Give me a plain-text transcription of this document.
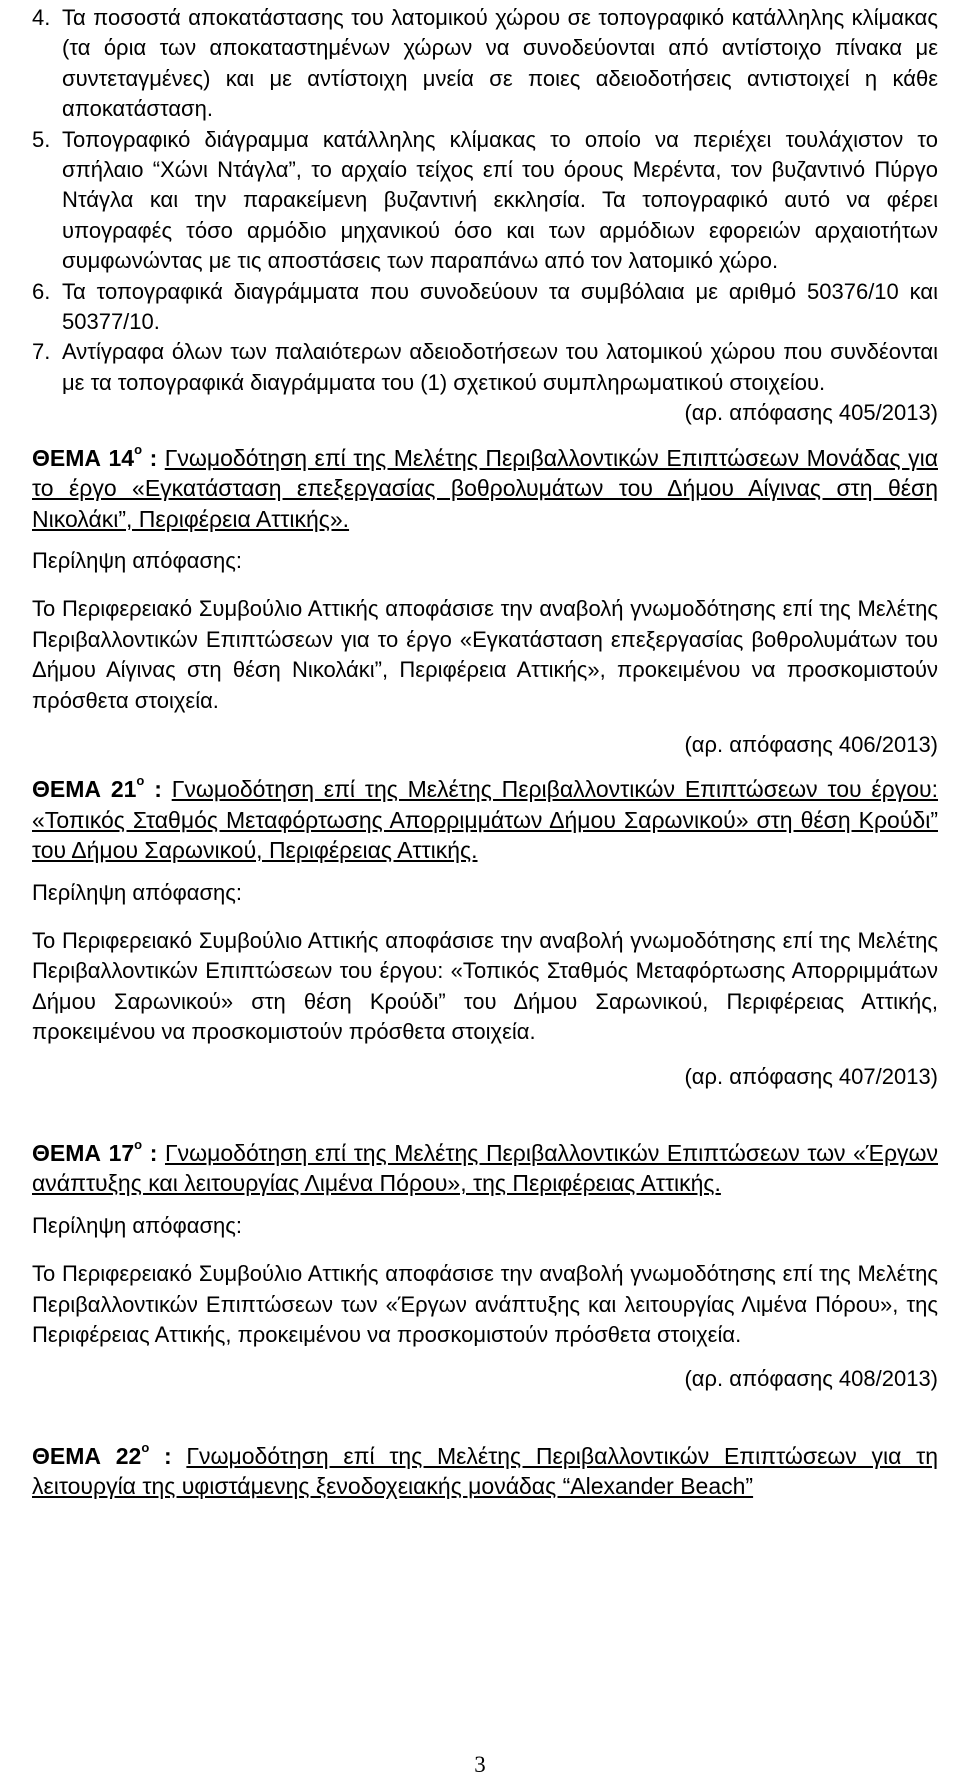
4. Τα ποσοστά αποκατάστασης του λατομικού χώρου σε τοπογραφικό κατάλληλης κλίμακας (τα όρια των αποκαταστημένων χώρων να συνοδεύονται από αντίστοιχο πίνακα με συντεταγμένες) και με αντίστοιχη μνεία σε ποιες αδειοδοτήσεις αντιστοιχεί η κάθε αποκατάσταση.
5. Τοπογραφικό διάγραμμα κατάλληλης κλίμακας το οποίο να περιέχει τουλάχιστον το σπήλαιο “Χώνι Ντάγλα”, το αρχαίο τείχος επί του όρους Μερέντα, τον βυζαντινό Πύργο Ντάγλα και την παρακείμενη βυζαντινή εκκλησία. Τα τοπογραφικό αυτό να φέρει υπογραφές τόσο αρμόδιο μηχανικού όσο και των αρμόδιων εφορειών αρχαιοτήτων συμφωνώντας με τις αποστάσεις των παραπάνω από τον λατομικό χώρο.
6. Τα τοπογραφικά διαγράμματα που συνοδεύουν τα συμβόλαια με αριθμό 50376/10 και 50377/10.
7. Αντίγραφα όλων των παλαιότερων αδειοδοτήσεων του λατομικού χώρου που συνδέονται με τα τοπογραφικά διαγράμματα του (1) σχετικού συμπληρωματικού στοιχείου.

(αρ. απόφασης 405/2013)

ΘΕΜΑ $14^o$ : Γνωμοδότηση επί της Μελέτης Περιβαλλοντικών Επιπτώσεων Μονάδας για το έργο «Εγκατάσταση επεξεργασίας βοθρολυμάτων του Δήμου Αίγινας στη θέση Νικολάκι”, Περιφέρεια Αττικής».

Περίληψη απόφασης:

Το Περιφερειακό Συμβούλιο Αττικής αποφάσισε την αναβολή γνωμοδότησης επί της Μελέτης Περιβαλλοντικών Επιπτώσεων για το έργο «Εγκατάσταση επεξεργασίας βοθρολυμάτων του Δήμου Αίγινας στη θέση Νικολάκι”, Περιφέρεια Αττικής», προκειμένου να προσκομιστούν πρόσθετα στοιχεία.

(αρ. απόφασης 406/2013)

ΘΕΜΑ $21^o$ : Γνωμοδότηση επί της Μελέτης Περιβαλλοντικών Επιπτώσεων του έργου: «Τοπικός Σταθμός Μεταφόρτωσης Απορριμμάτων Δήμου Σαρωνικού» στη θέση Κρούδι” του Δήμου Σαρωνικού, Περιφέρειας Αττικής.

Περίληψη απόφασης:

Το Περιφερειακό Συμβούλιο Αττικής αποφάσισε την αναβολή γνωμοδότησης επί της Μελέτης Περιβαλλοντικών Επιπτώσεων του έργου: «Τοπικός Σταθμός Μεταφόρτωσης Απορριμμάτων Δήμου Σαρωνικού» στη θέση Κρούδι” του Δήμου Σαρωνικού, Περιφέρειας Αττικής, προκειμένου να προσκομιστούν πρόσθετα στοιχεία.

(αρ. απόφασης 407/2013)

ΘΕΜΑ $17^o$ : Γνωμοδότηση επί της Μελέτης Περιβαλλοντικών Επιπτώσεων των «Έργων ανάπτυξης και λειτουργίας Λιμένα Πόρου», της Περιφέρειας Αττικής.

Περίληψη απόφασης:

Το Περιφερειακό Συμβούλιο Αττικής αποφάσισε την αναβολή γνωμοδότησης επί της Μελέτης Περιβαλλοντικών Επιπτώσεων των «Έργων ανάπτυξης και λειτουργίας Λιμένα Πόρου», της Περιφέρειας Αττικής, προκειμένου να προσκομιστούν πρόσθετα στοιχεία.

(αρ. απόφασης 408/2013)

ΘΕΜΑ $22^o$ : Γνωμοδότηση επί της Μελέτης Περιβαλλοντικών Επιπτώσεων για τη λειτουργία της υφιστάμενης ξενοδοχειακής μονάδας “Alexander Beach”

3
